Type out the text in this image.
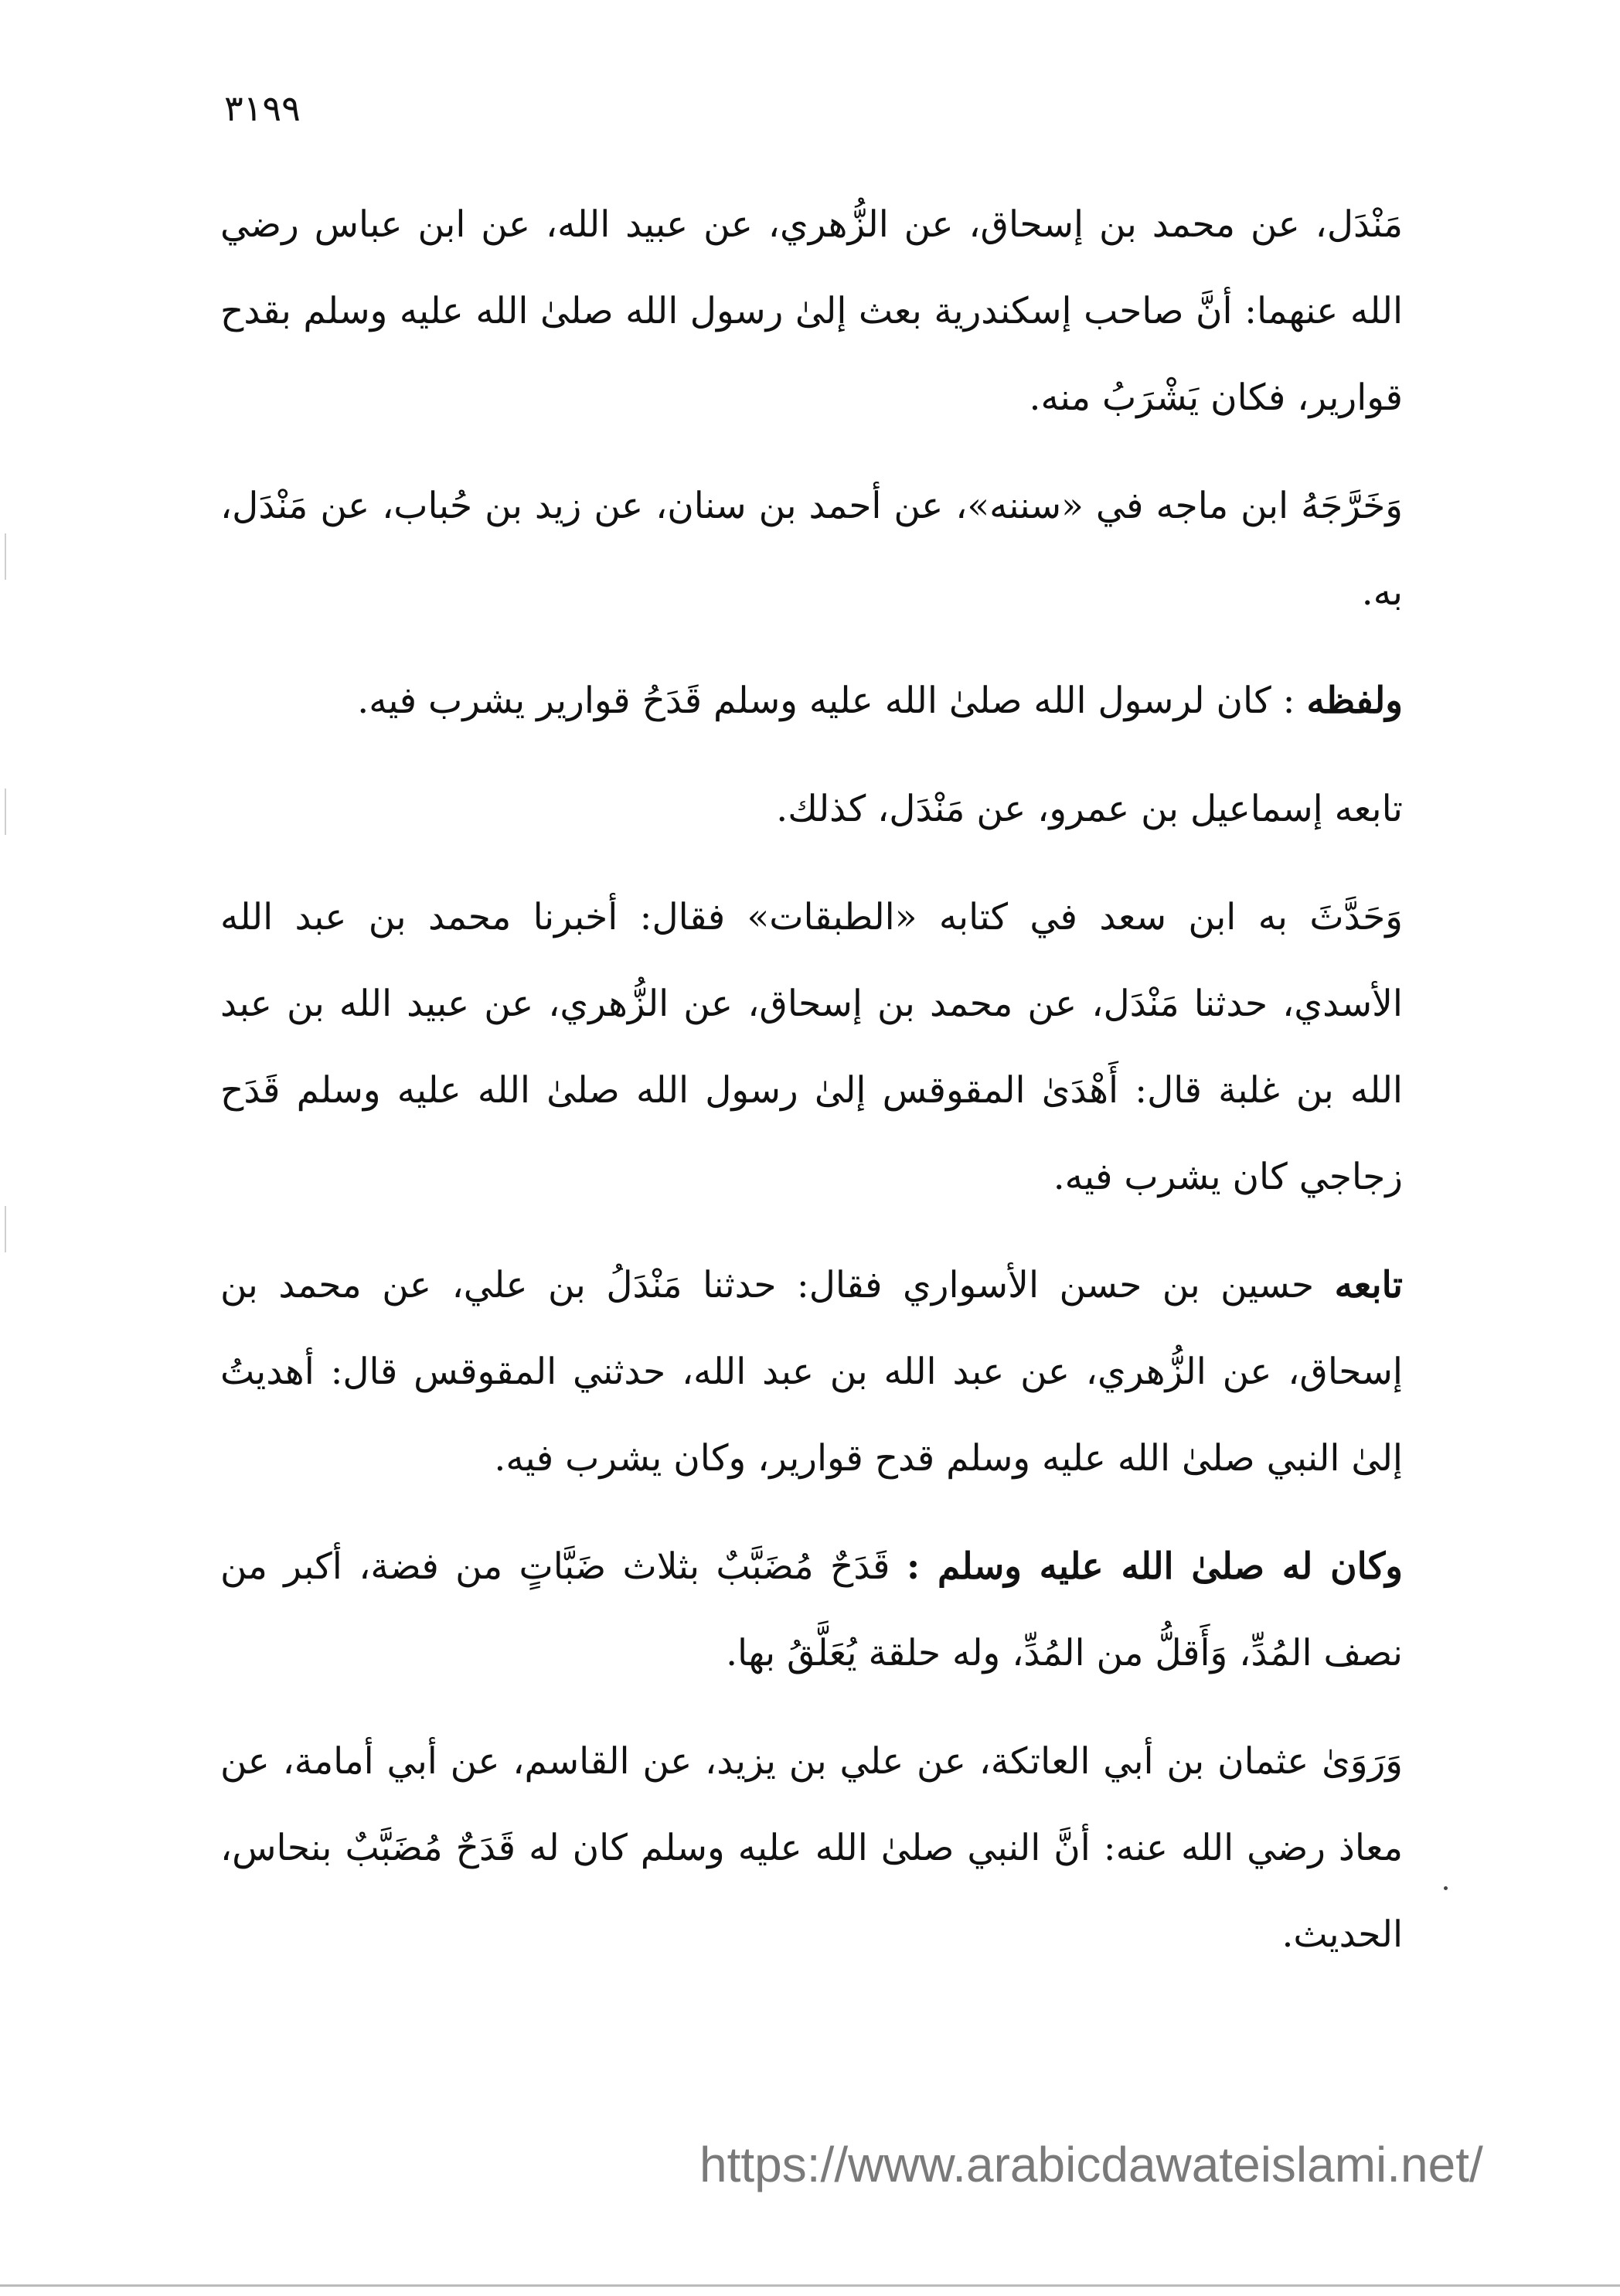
٣١٩٩

مَنْدَل، عن محمد بن إسحاق، عن الزُّهري، عن عبيد الله، عن ابن عباس رضي الله عنهما: أنَّ صاحب إسكندرية بعث إلىٰ رسول الله صلىٰ الله عليه وسلم بقدح قوارير، فكان يَشْرَبُ منه.

وَخَرَّجَهُ ابن ماجه في «سننه»، عن أحمد بن سنان، عن زيد بن حُباب، عن مَنْدَل، به.

ولفظه : كان لرسول الله صلىٰ الله عليه وسلم قَدَحُ قوارير يشرب فيه.

تابعه إسماعيل بن عمرو، عن مَنْدَل، كذلك.

وَحَدَّثَ به ابن سعد في كتابه «الطبقات» فقال: أخبرنا محمد بن عبد الله الأسدي، حدثنا مَنْدَل، عن محمد بن إسحاق، عن الزُّهري، عن عبيد الله بن عبد الله بن غلبة قال: أَهْدَىٰ المقوقس إلىٰ رسول الله صلىٰ الله عليه وسلم قَدَح زجاجي كان يشرب فيه.

تابعه حسين بن حسن الأسواري فقال: حدثنا مَنْدَلُ بن علي، عن محمد بن إسحاق، عن الزُّهري، عن عبد الله بن عبد الله، حدثني المقوقس قال: أهديتُ إلىٰ النبي صلىٰ الله عليه وسلم قدح قوارير، وكان يشرب فيه.

وكان له صلىٰ الله عليه وسلم : قَدَحٌ مُضَبَّبٌ بثلاث ضَبَّاتٍ من فضة، أكبر من نصف المُدِّ، وَأَقلُّ من المُدِّ، وله حلقة يُعَلَّقُ بها.

وَرَوَىٰ عثمان بن أبي العاتكة، عن علي بن يزيد، عن القاسم، عن أبي أمامة، عن معاذ رضي الله عنه: أنَّ النبي صلىٰ الله عليه وسلم كان له قَدَحٌ مُضَبَّبٌ بنحاس، الحديث.

https://www.arabicdawateislami.net/
